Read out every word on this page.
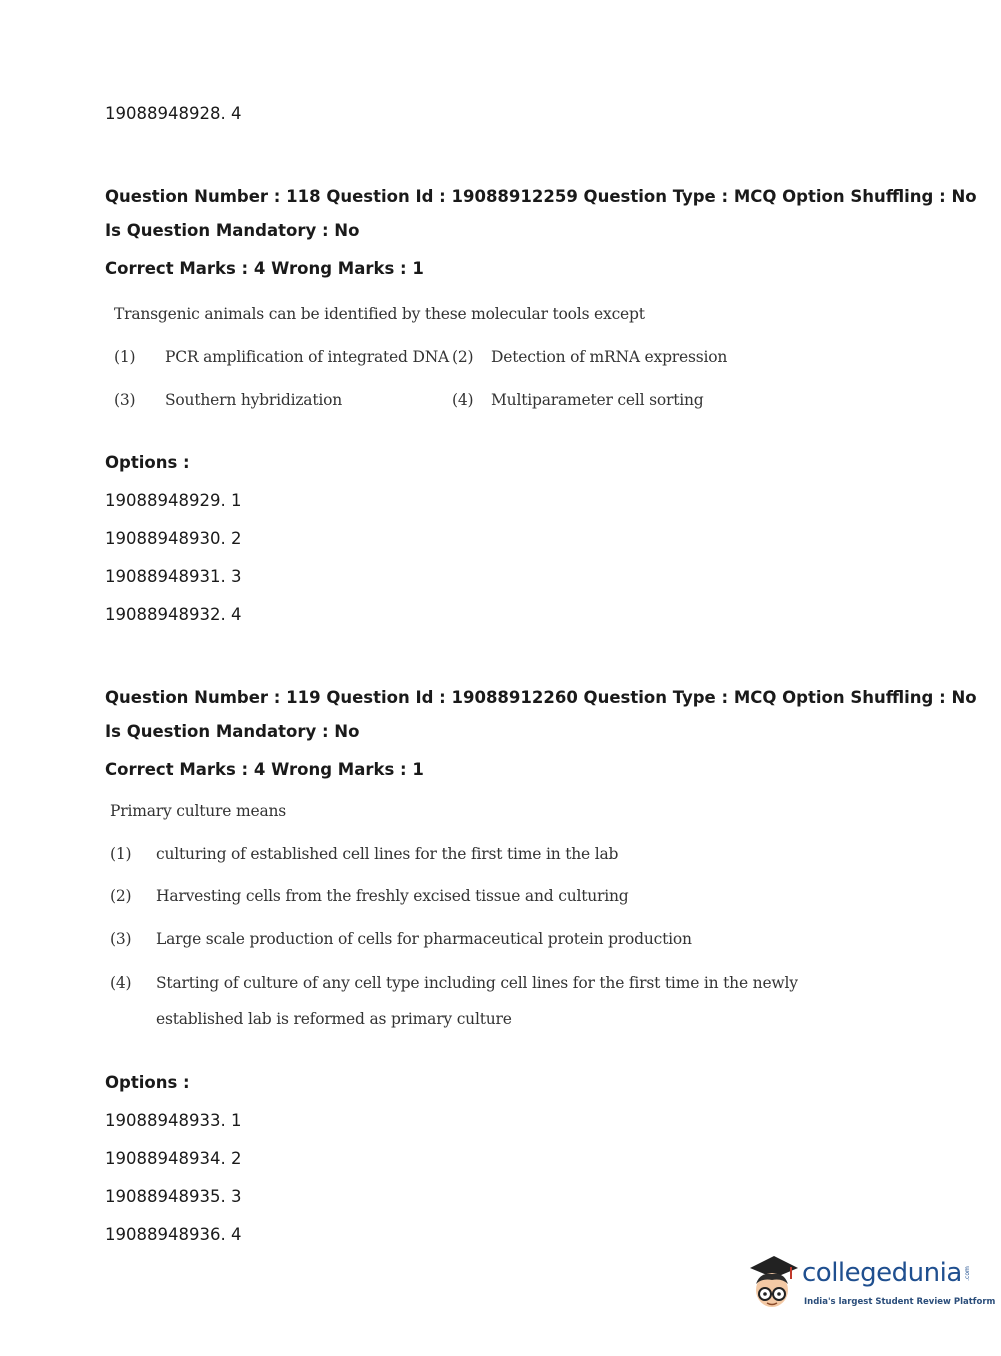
19088948928. 4
Question Number : 118 Question Id : 19088912259 Question Type : MCQ Option Shuffling : No
Is Question Mandatory : No
Correct Marks : 4 Wrong Marks : 1
Transgenic animals can be identified by these molecular tools except
(1) PCR amplification of integrated DNA (2) Detection of mRNA expression
(3) Southern hybridization	(4) Multiparameter cell sorting
Options :
19088948929. 1
19088948930. 2
19088948931. 3
19088948932. 4
Question Number : 119 Question Id : 19088912260 Question Type : MCQ Option Shuffling : No
Is Question Mandatory : No
Correct Marks : 4 Wrong Marks : 1
Primary culture means
(1) culturing of established cell lines for the first time in the lab
(2) Harvesting cells from the freshly excised tissue and culturing
(3) Large scale production of cells for pharmaceutical protein production
(4) Starting of culture of any cell type including cell lines for the first time in the newly
established lab is reformed as primary culture
Options :
19088948933. 1
19088948934. 2
19088948935. 3
19088948936. 4
collegedunia .com
India's largest Student Review Platform
